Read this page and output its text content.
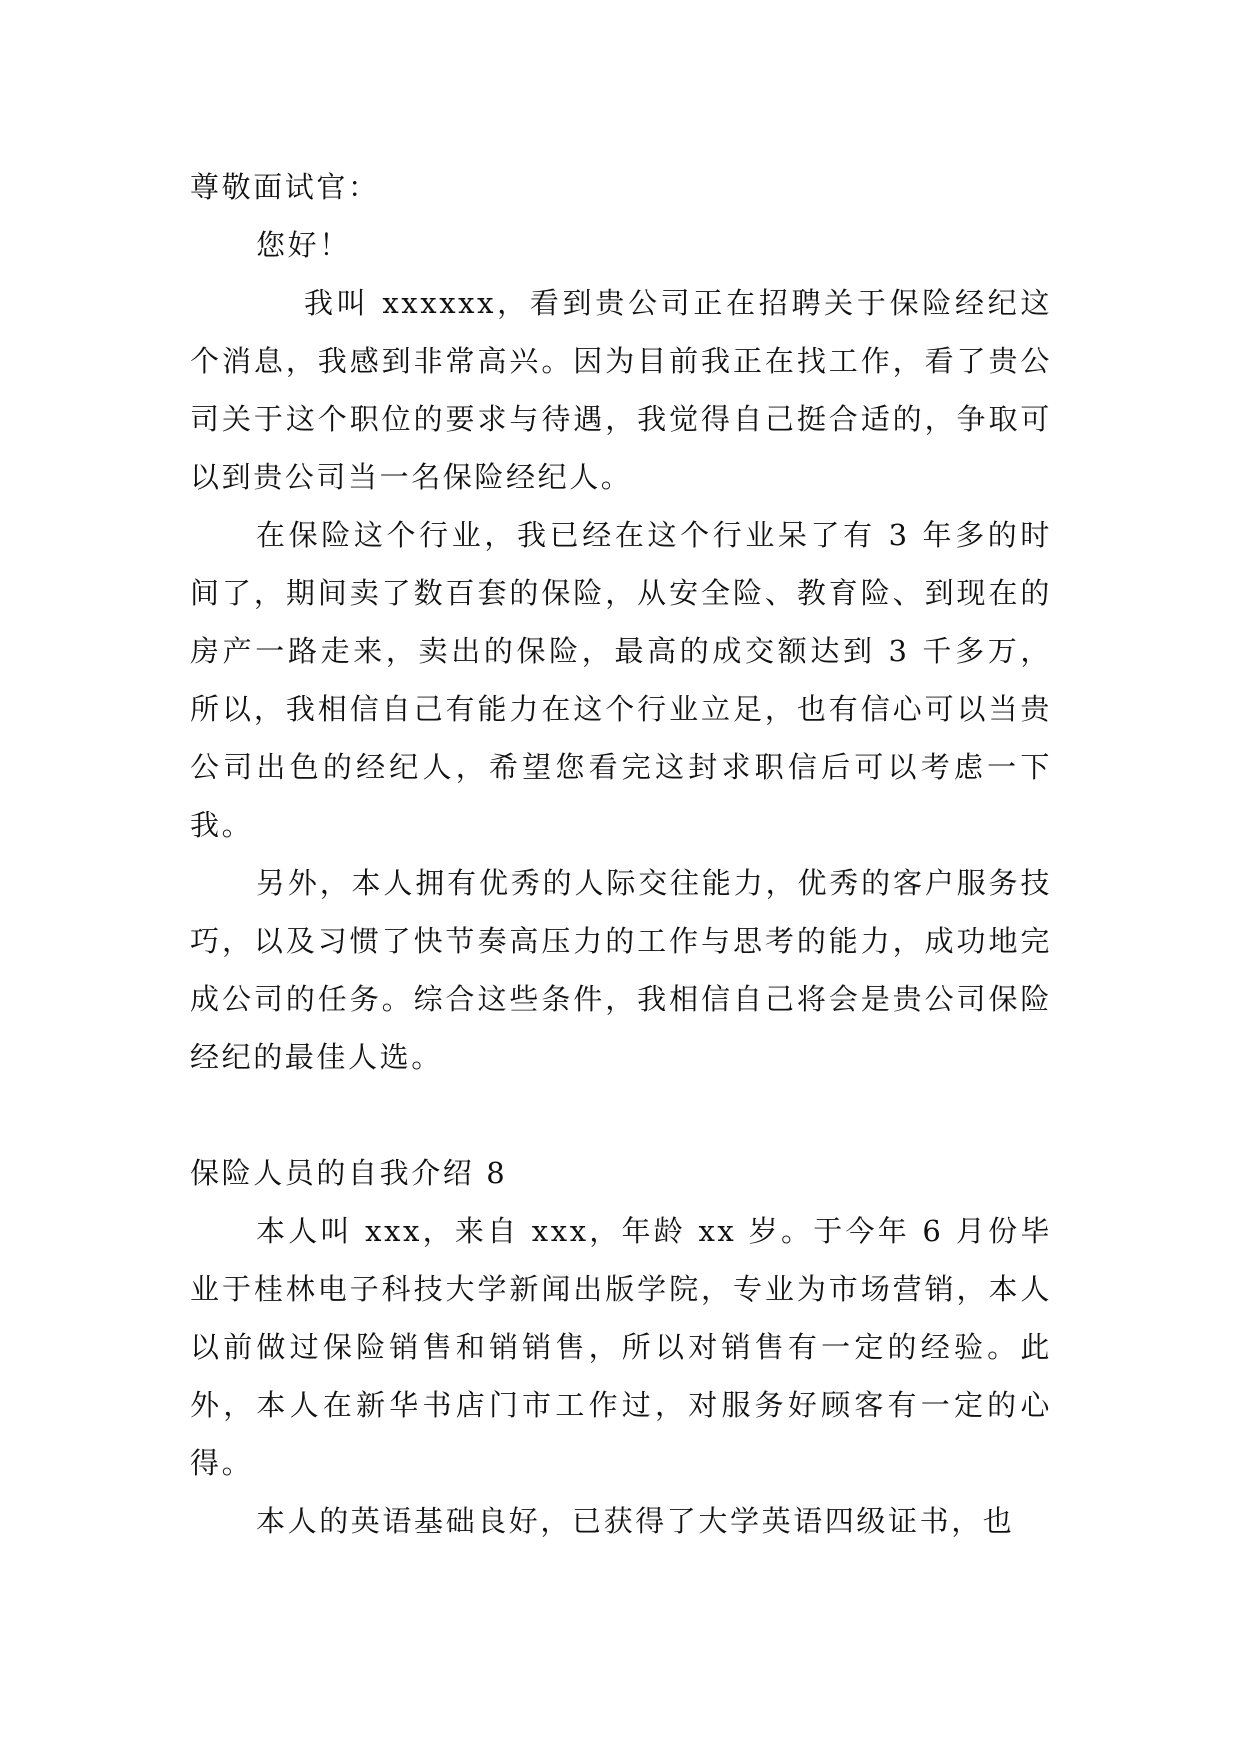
尊敬面试官：

您好！

我叫 xxxxxx，看到贵公司正在招聘关于保险经纪这个消息，我感到非常高兴。因为目前我正在找工作，看了贵公司关于这个职位的要求与待遇，我觉得自己挺合适的，争取可以到贵公司当一名保险经纪人。

在保险这个行业，我已经在这个行业呆了有 3 年多的时间了，期间卖了数百套的保险，从安全险、教育险、到现在的房产一路走来，卖出的保险，最高的成交额达到 3 千多万，所以，我相信自己有能力在这个行业立足，也有信心可以当贵公司出色的经纪人，希望您看完这封求职信后可以考虑一下我。

另外，本人拥有优秀的人际交往能力，优秀的客户服务技巧，以及习惯了快节奏高压力的工作与思考的能力，成功地完成公司的任务。综合这些条件，我相信自己将会是贵公司保险经纪的最佳人选。

保险人员的自我介绍 8

本人叫 xxx，来自 xxx，年龄 xx 岁。于今年 6 月份毕业于桂林电子科技大学新闻出版学院，专业为市场营销，本人以前做过保险销售和销销售，所以对销售有一定的经验。此外，本人在新华书店门市工作过，对服务好顾客有一定的心得。

本人的英语基础良好，已获得了大学英语四级证书，也
